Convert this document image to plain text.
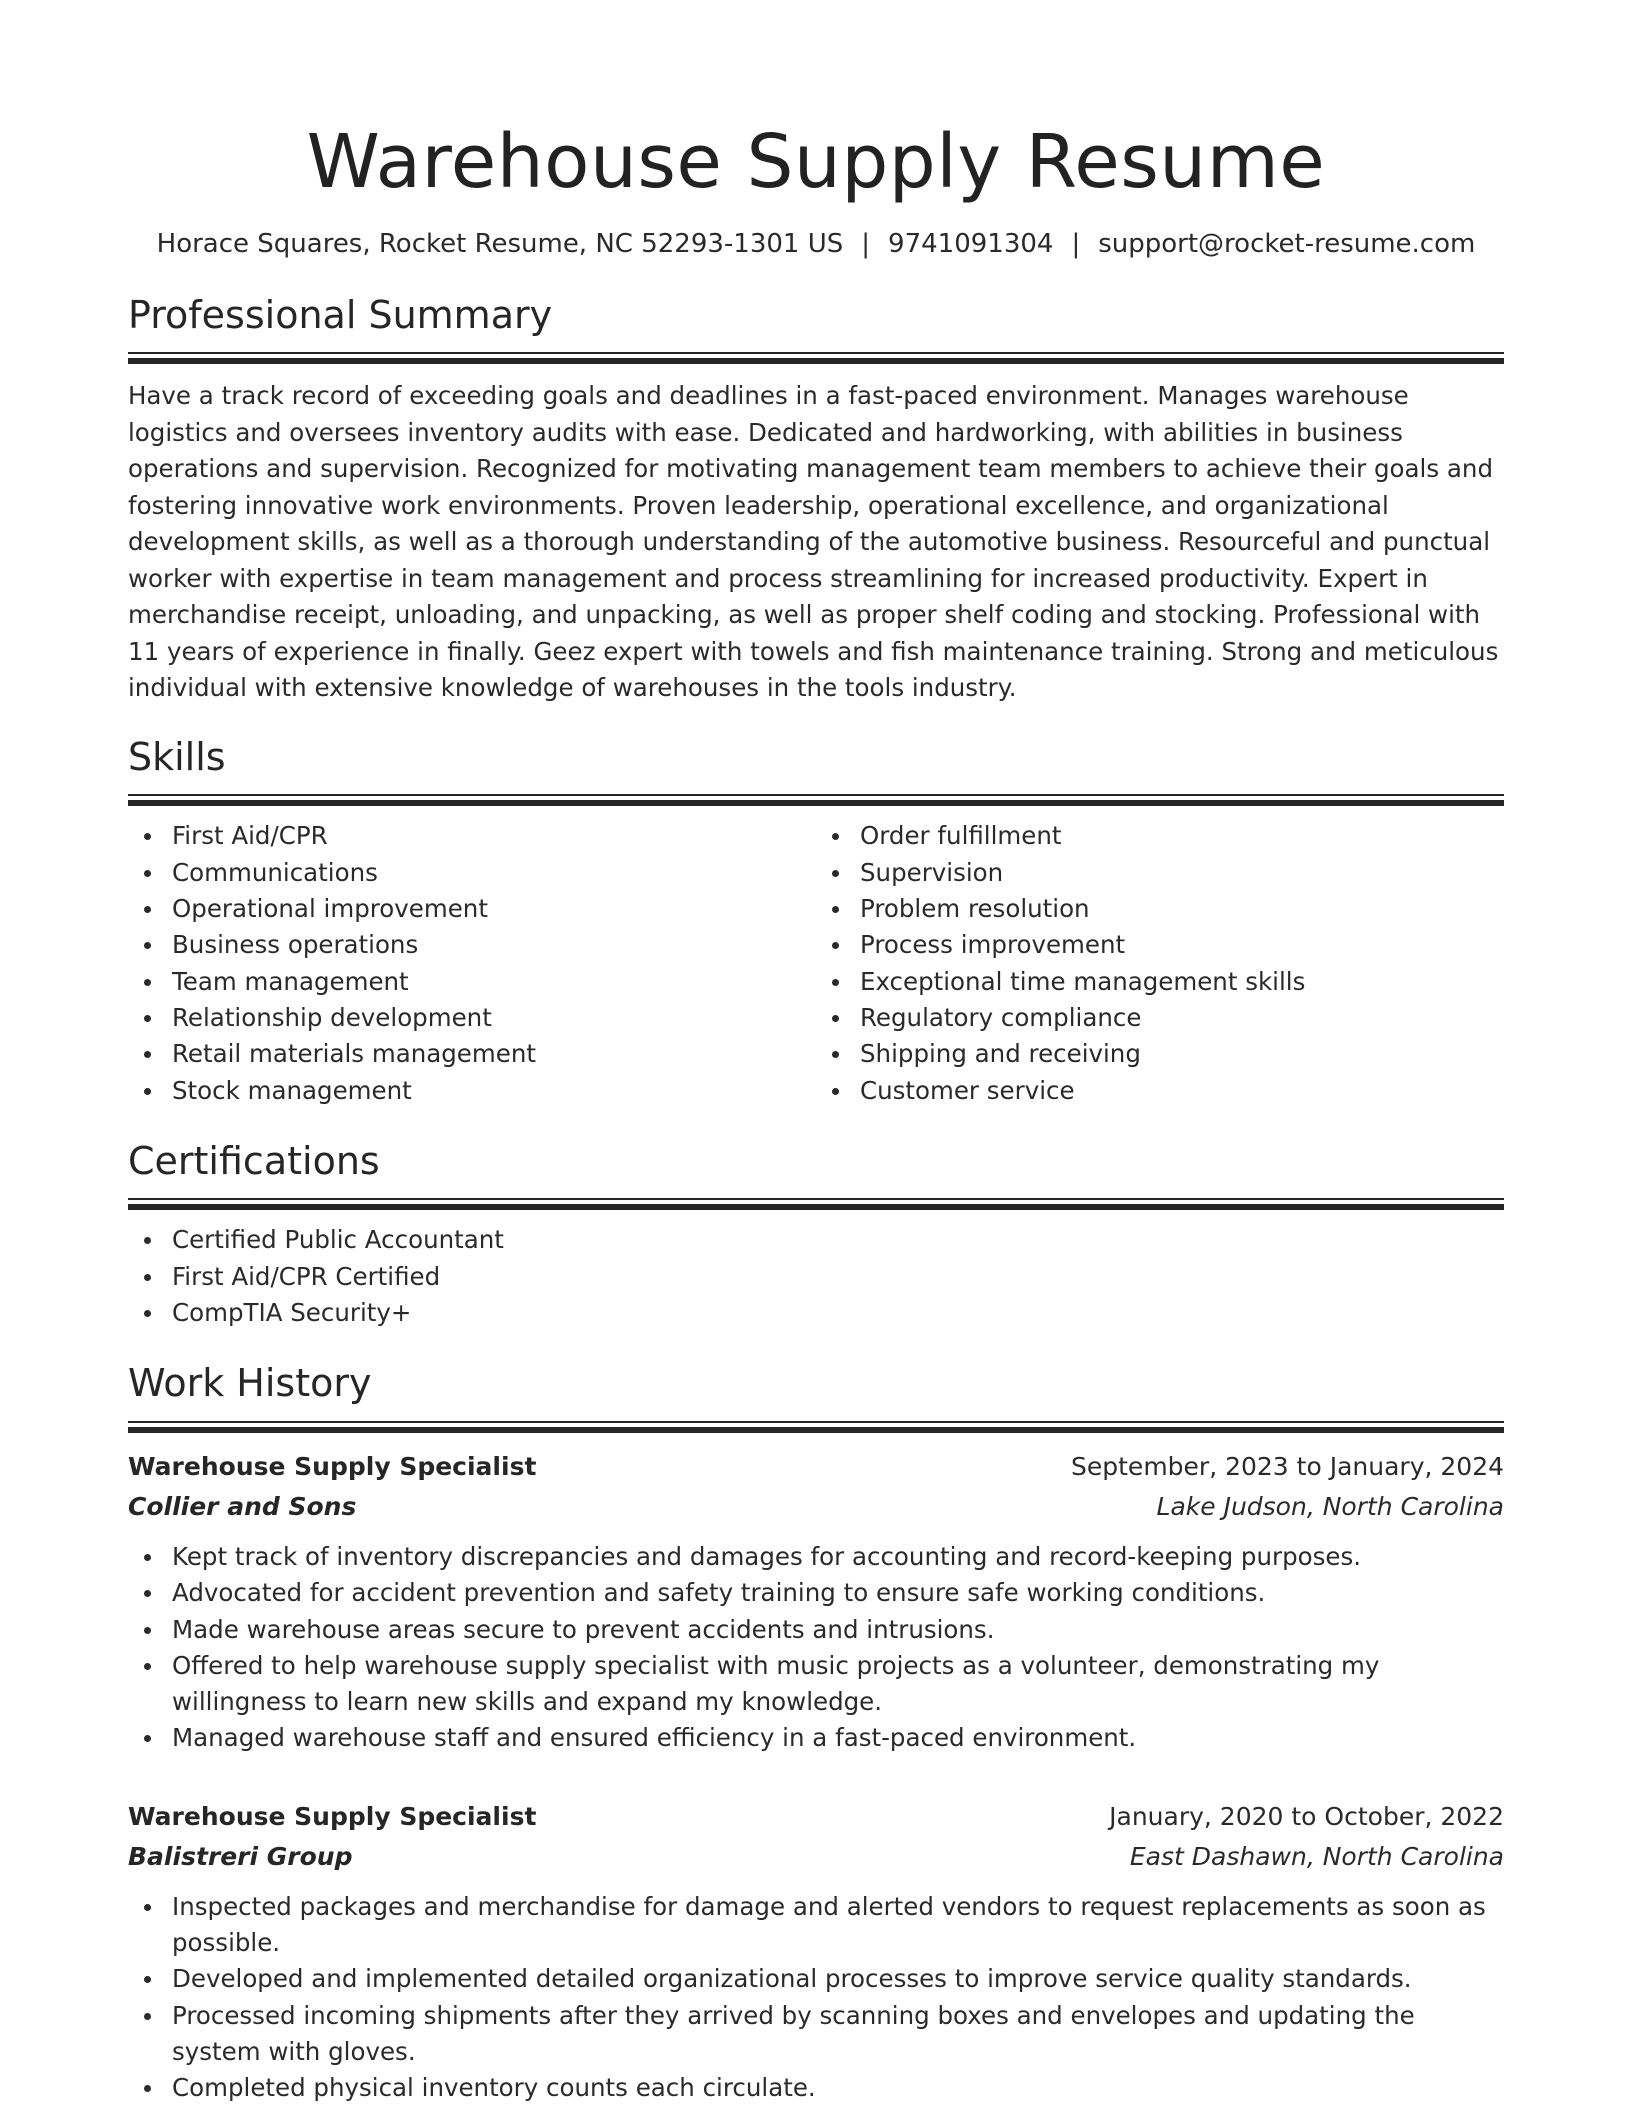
Warehouse Supply Resume
Horace Squares, Rocket Resume, NC 52293-1301 US | 9741091304 | support@rocket-resume.com
Professional Summary

Have a track record of exceeding goals and deadlines in a fast-paced environment. Manages warehouse logistics and oversees inventory audits with ease. Dedicated and hardworking, with abilities in business operations and supervision. Recognized for motivating management team members to achieve their goals and fostering innovative work environments. Proven leadership, operational excellence, and organizational development skills, as well as a thorough understanding of the automotive business. Resourceful and punctual worker with expertise in team management and process streamlining for increased productivity. Expert in merchandise receipt, unloading, and unpacking, as well as proper shelf coding and stocking. Professional with 11 years of experience in finally. Geez expert with towels and fish maintenance training. Strong and meticulous individual with extensive knowledge of warehouses in the tools industry.

Skills
First Aid/CPR
Communications
Operational improvement
Business operations
Team management
Relationship development
Retail materials management
Stock management
Order fulfillment
Supervision
Problem resolution
Process improvement
Exceptional time management skills
Regulatory compliance
Shipping and receiving
Customer service
Certifications
Certified Public Accountant
First Aid/CPR Certified
CompTIA Security+
Work History
Warehouse Supply Specialist	September, 2023 to January, 2024
Collier and Sons	Lake Judson, North Carolina
Kept track of inventory discrepancies and damages for accounting and record-keeping purposes.
Advocated for accident prevention and safety training to ensure safe working conditions.
Made warehouse areas secure to prevent accidents and intrusions.
Offered to help warehouse supply specialist with music projects as a volunteer, demonstrating my willingness to learn new skills and expand my knowledge.
Managed warehouse staff and ensured efficiency in a fast-paced environment.
Warehouse Supply Specialist	January, 2020 to October, 2022
Balistreri Group	East Dashawn, North Carolina
Inspected packages and merchandise for damage and alerted vendors to request replacements as soon as possible.
Developed and implemented detailed organizational processes to improve service quality standards.
Processed incoming shipments after they arrived by scanning boxes and envelopes and updating the system with gloves.
Completed physical inventory counts each circulate.
